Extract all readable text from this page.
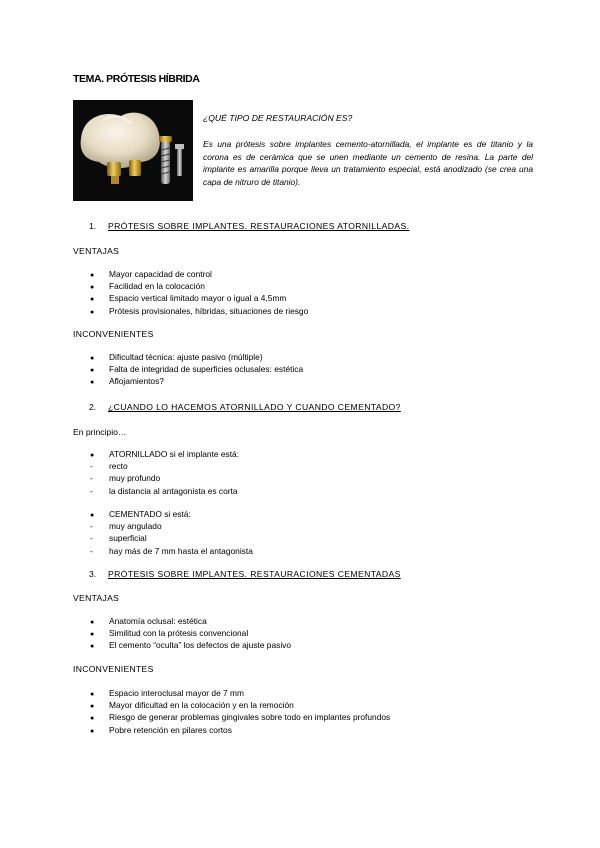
TEMA. PRÓTESIS HÍBRIDA
¿QUÉ TIPO DE RESTAURACIÓN ES?
Es una prótesis sobre implantes cemento-atornillada, el implante es de titanio y la corona es de cerámica que se unen mediante un cemento de resina. La parte del implante es amarilla porque lleva un tratamiento especial, está anodizado (se crea una capa de nitruro de titanio).
1. PRÓTESIS SOBRE IMPLANTES. RESTAURACIONES ATORNILLADAS.
VENTAJAS
● Mayor capacidad de control
● Facilidad en la colocación
● Espacio vertical limitado mayor o igual a 4,5mm
● Prótesis provisionales, híbridas, situaciones de riesgo
INCONVENIENTES
● Dificultad técnica: ajuste pasivo (múltiple)
● Falta de integridad de superficies oclusales: estética
● Aflojamientos?
2. ¿CUANDO LO HACEMOS ATORNILLADO Y CUANDO CEMENTADO?
En principio…
● ATORNILLADO si el implante está:
- recto
- muy profundo
- la distancia al antagonista es corta
● CEMENTADO si está:
- muy angulado
- superficial
- hay más de 7 mm hasta el antagonista
3. PRÓTESIS SOBRE IMPLANTES. RESTAURACIONES CEMENTADAS
VENTAJAS
● Anatomía oclusal: estética
● Similitud con la prótesis convencional
● El cemento “oculta” los defectos de ajuste pasivo
INCONVENIENTES
● Espacio interoclusal mayor de 7 mm
● Mayor dificultad en la colocación y en la remoción
● Riesgo de generar problemas gingivales sobre todo en implantes profundos
● Pobre retención en pilares cortos
